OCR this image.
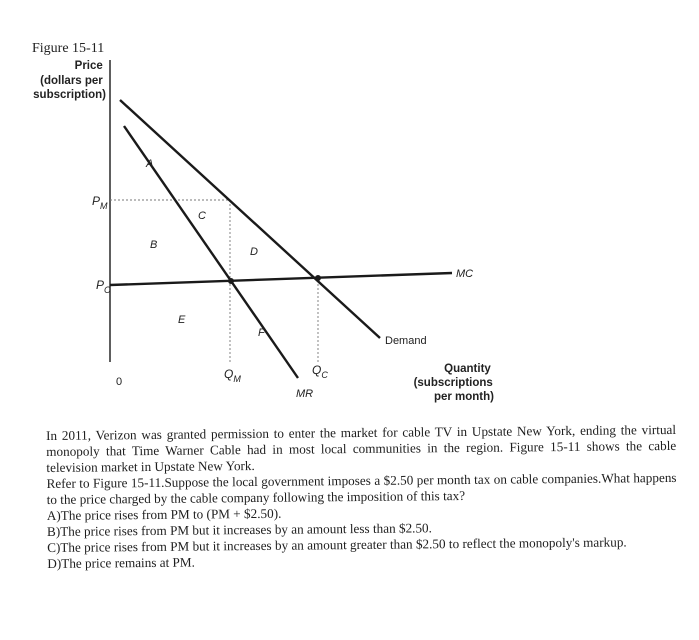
Figure 15-11
Price (dollars per subscription)
0
$P_M$
$P_C$
$Q_M$
$Q_C$
MC
Demand
MR
A
B
C
D
E
F
Quantity (subscriptions per month)

In 2011, Verizon was granted permission to enter the market for cable TV in Upstate New York, ending the virtual monopoly that Time Warner Cable had in most local communities in the region. Figure 15-11 shows the cable television market in Upstate New York.

Refer to Figure 15-11.Suppose the local government imposes a $2.50 per month tax on cable companies.What happens to the price charged by the cable company following the imposition of this tax?

A)The price rises from PM to (PM + $2.50).

B)The price rises from PM but it increases by an amount less than $2.50.

C)The price rises from PM but it increases by an amount greater than $2.50 to reflect the monopoly's markup.

D)The price remains at PM.
